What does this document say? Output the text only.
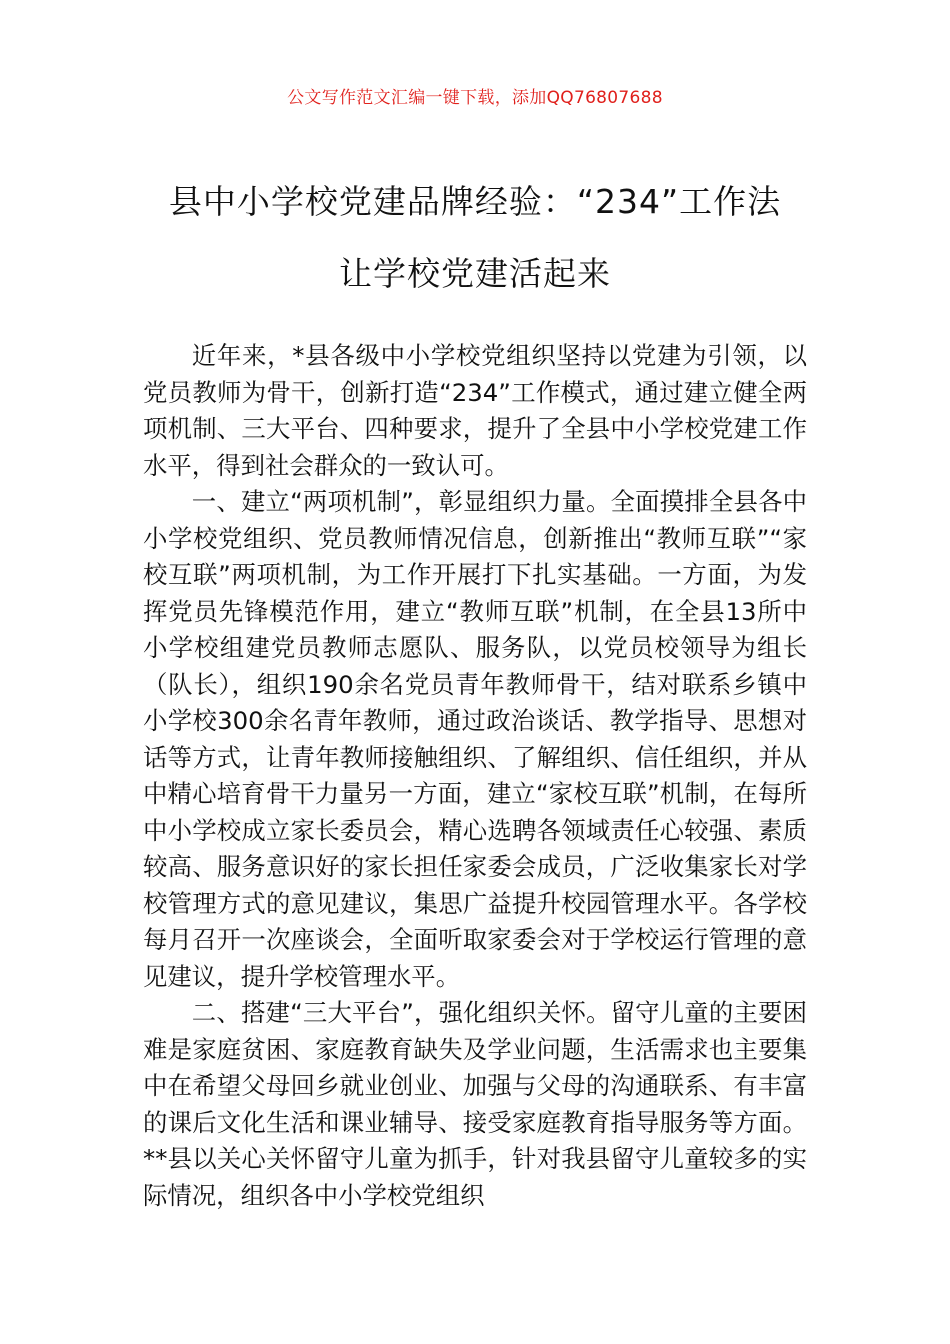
公文写作范文汇编一键下载，添加QQ76807688
县中小学校党建品牌经验：“234”工作法
让学校党建活起来

近年来，*县各级中小学校党组织坚持以党建为引领，以党员教师为骨干，创新打造“234”工作模式，通过建立健全两项机制、三大平台、四种要求，提升了全县中小学校党建工作水平，得到社会群众的一致认可。

一、建立“两项机制”，彰显组织力量。全面摸排全县各中小学校党组织、党员教师情况信息，创新推出“教师互联”“家校互联”两项机制，为工作开展打下扎实基础。一方面，为发挥党员先锋模范作用，建立“教师互联”机制，在全县13所中小学校组建党员教师志愿队、服务队，以党员校领导为组长（队长），组织190余名党员青年教师骨干，结对联系乡镇中小学校300余名青年教师，通过政治谈话、教学指导、思想对话等方式，让青年教师接触组织、了解组织、信任组织，并从中精心培育骨干力量另一方面，建立“家校互联”机制，在每所中小学校成立家长委员会，精心选聘各领域责任心较强、素质较高、服务意识好的家长担任家委会成员，广泛收集家长对学校管理方式的意见建议，集思广益提升校园管理水平。各学校每月召开一次座谈会，全面听取家委会对于学校运行管理的意见建议，提升学校管理水平。

二、搭建“三大平台”，强化组织关怀。留守儿童的主要困难是家庭贫困、家庭教育缺失及学业问题，生活需求也主要集中在希望父母回乡就业创业、加强与父母的沟通联系、有丰富的课后文化生活和课业辅导、接受家庭教育指导服务等方面。**县以关心关怀留守儿童为抓手，针对我县留守儿童较多的实际情况，组织各中小学校党组织
